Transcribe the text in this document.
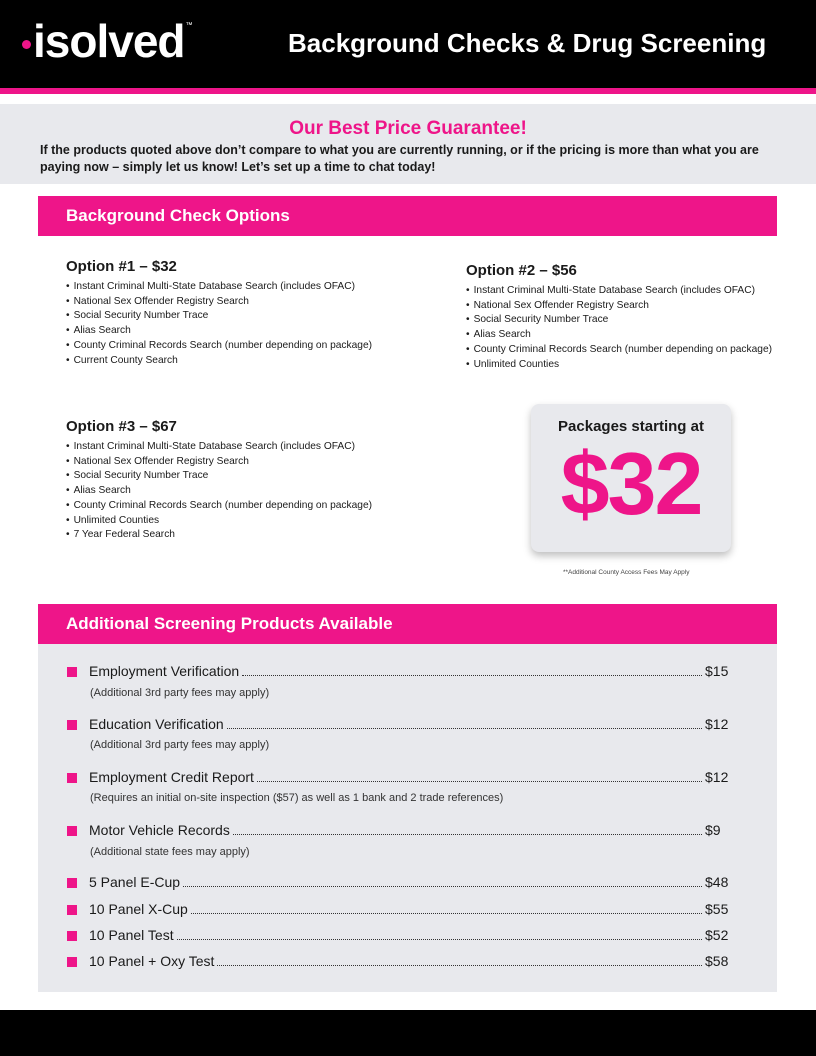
isolved ™
Background Checks & Drug Screening
Our Best Price Guarantee!
If the products quoted above don’t compare to what you are currently running, or if the pricing is more than what you are paying now – simply let us know! Let’s set up a time to chat today!
Background Check Options
Option #1 – $32
• Instant Criminal Multi-State Database Search (includes OFAC)
• National Sex Offender Registry Search
• Social Security Number Trace
• Alias Search
• County Criminal Records Search (number depending on package)
• Current County Search
Option #2 – $56
• Instant Criminal Multi-State Database Search (includes OFAC)
• National Sex Offender Registry Search
• Social Security Number Trace
• Alias Search
• County Criminal Records Search (number depending on package)
• Unlimited Counties
Option #3 – $67
• Instant Criminal Multi-State Database Search (includes OFAC)
• National Sex Offender Registry Search
• Social Security Number Trace
• Alias Search
• County Criminal Records Search (number depending on package)
• Unlimited Counties
• 7 Year Federal Search
Packages starting at
$32
**Additional County Access Fees May Apply
Additional Screening Products Available
Employment Verification	$15
(Additional 3rd party fees may apply)
Education Verification	$12
(Additional 3rd party fees may apply)
Employment Credit Report	$12
(Requires an initial on-site inspection ($57) as well as 1 bank and 2 trade references)
Motor Vehicle Records	$9
(Additional state fees may apply)
5 Panel E-Cup	$48
10 Panel X-Cup	$55
10 Panel Test	$52
10 Panel + Oxy Test	$58
